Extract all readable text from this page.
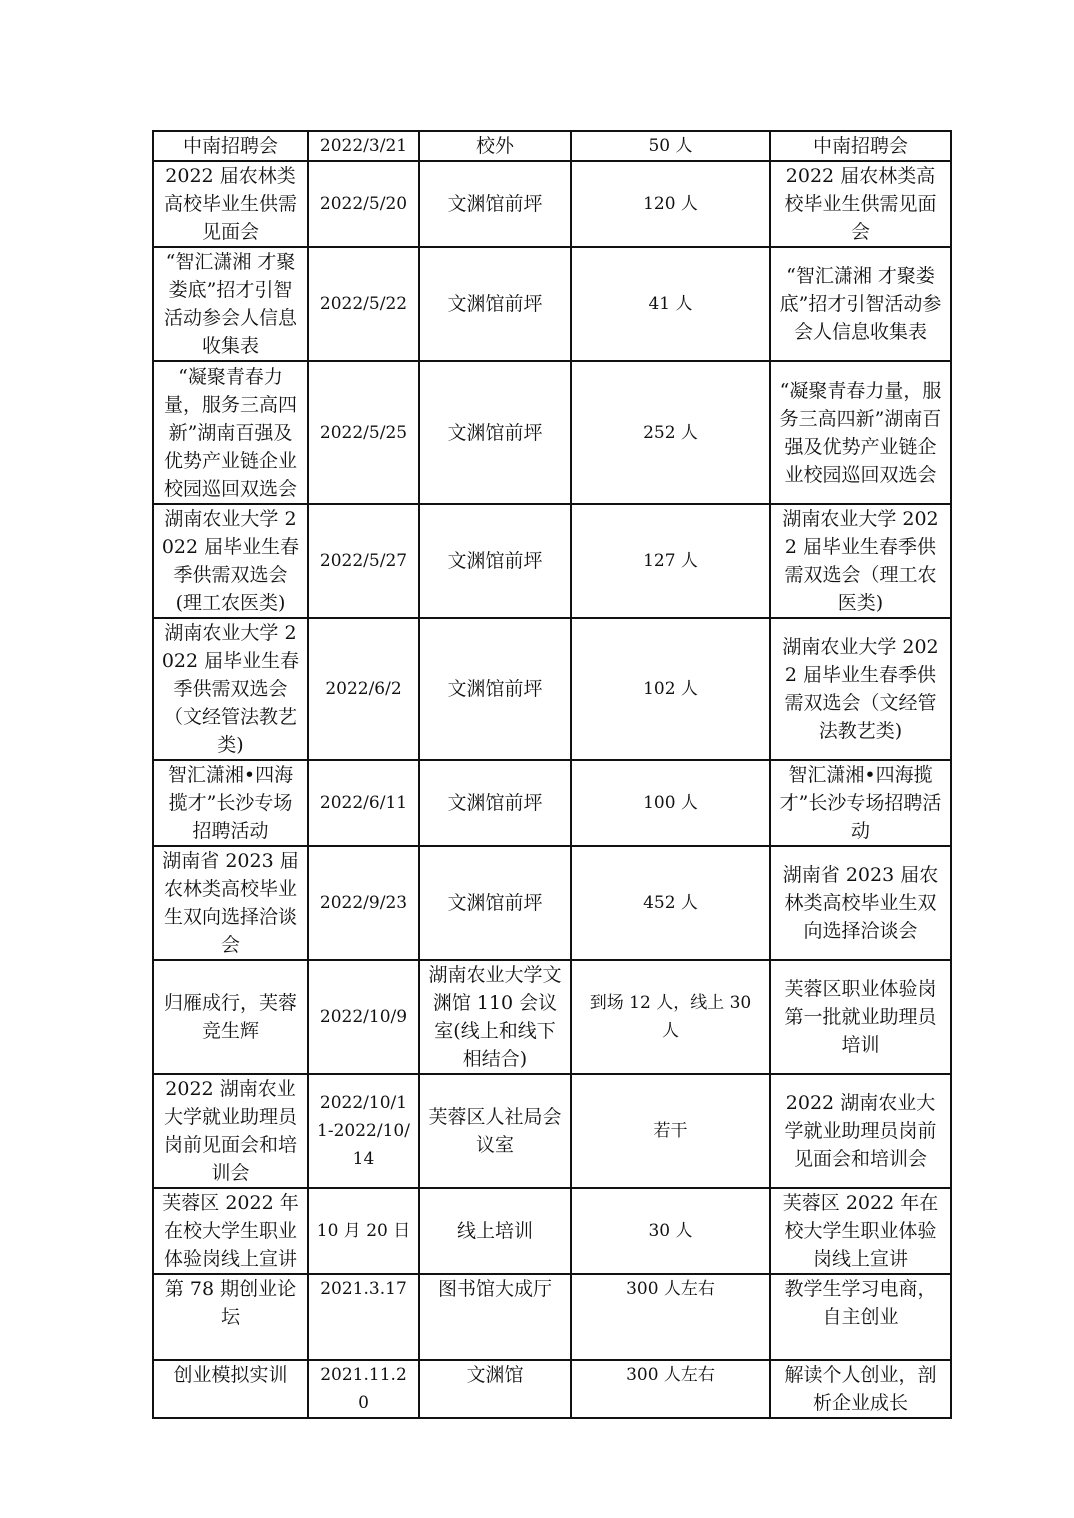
中南招聘会	2022/3/21	校外	50 人	中南招聘会
2022 届农林类高校毕业生供需见面会	2022/5/20	文渊馆前坪	120 人	2022 届农林类高校毕业生供需见面会
“智汇潇湘 才聚娄底”招才引智活动参会人信息收集表	2022/5/22	文渊馆前坪	41 人	“智汇潇湘 才聚娄底”招才引智活动参会人信息收集表
“凝聚青春力量，服务三高四新”湖南百强及优势产业链企业校园巡回双选会	2022/5/25	文渊馆前坪	252 人	“凝聚青春力量，服务三高四新”湖南百强及优势产业链企业校园巡回双选会
湖南农业大学 2022 届毕业生春季供需双选会 (理工农医类)	2022/5/27	文渊馆前坪	127 人	湖南农业大学 2022 届毕业生春季供需双选会（理工农医类)
湖南农业大学 2022 届毕业生春季供需双选会（文经管法教艺类)	2022/6/2	文渊馆前坪	102 人	湖南农业大学 2022 届毕业生春季供需双选会（文经管法教艺类)
智汇潇湘•四海揽才”长沙专场招聘活动	2022/6/11	文渊馆前坪	100 人	智汇潇湘•四海揽才”长沙专场招聘活动
湖南省 2023 届农林类高校毕业生双向选择洽谈会	2022/9/23	文渊馆前坪	452 人	湖南省 2023 届农林类高校毕业生双向选择洽谈会
归雁成行，芙蓉竞生辉	2022/10/9	湖南农业大学文渊馆 110 会议室(线上和线下相结合)	到场 12 人，线上 30 人	芙蓉区职业体验岗第一批就业助理员培训
2022 湖南农业大学就业助理员岗前见面会和培训会	2022/10/11-2022/10/14	芙蓉区人社局会议室	若干	2022 湖南农业大学就业助理员岗前见面会和培训会
芙蓉区 2022 年在校大学生职业体验岗线上宣讲	10 月 20 日	线上培训	30 人	芙蓉区 2022 年在校大学生职业体验岗线上宣讲
第 78 期创业论坛	2021.3.17	图书馆大成厅	300 人左右	教学生学习电商，自主创业
创业模拟实训	2021.11.20	文渊馆	300 人左右	解读个人创业，剖析企业成长
